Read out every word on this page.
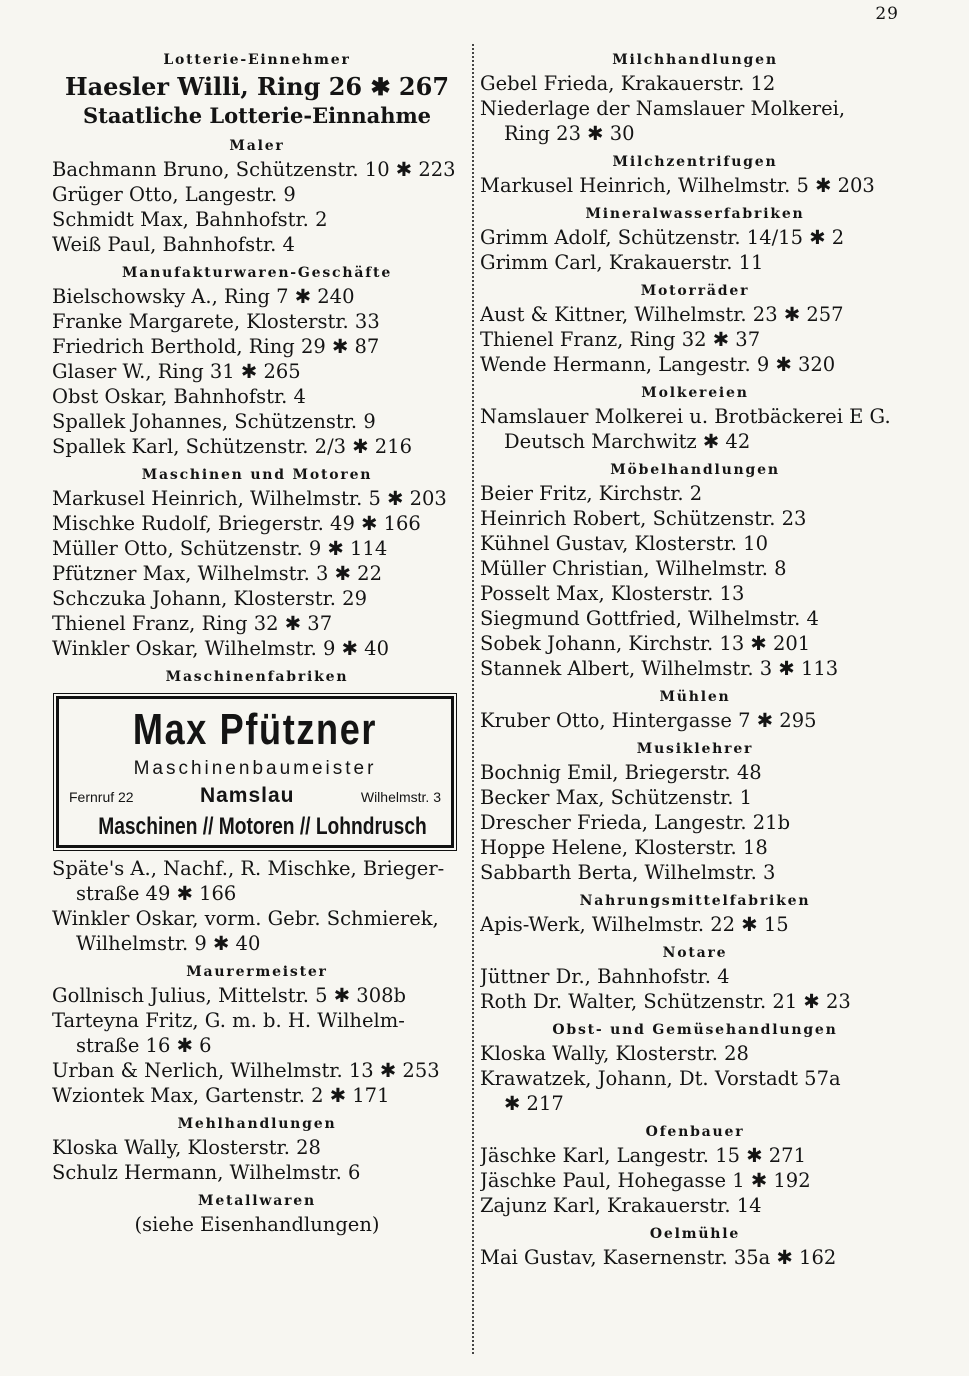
29
Lotterie-Einnehmer
Haesler Willi, Ring 26 ✱ 267
Staatliche Lotterie-Einnahme
Maler
Bachmann Bruno, Schützenstr. 10 ✱ 223
Grüger Otto, Langestr. 9
Schmidt Max, Bahnhofstr. 2
Weiß Paul, Bahnhofstr. 4
Manufakturwaren-Geschäfte
Bielschowsky A., Ring 7 ✱ 240
Franke Margarete, Klosterstr. 33
Friedrich Berthold, Ring 29 ✱ 87
Glaser W., Ring 31 ✱ 265
Obst Oskar, Bahnhofstr. 4
Spallek Johannes, Schützenstr. 9
Spallek Karl, Schützenstr. 2/3 ✱ 216
Maschinen und Motoren
Markusel Heinrich, Wilhelmstr. 5 ✱ 203
Mischke Rudolf, Briegerstr. 49 ✱ 166
Müller Otto, Schützenstr. 9 ✱ 114
Pfützner Max, Wilhelmstr. 3 ✱ 22
Schczuka Johann, Klosterstr. 29
Thienel Franz, Ring 32 ✱ 37
Winkler Oskar, Wilhelmstr. 9 ✱ 40
Maschinenfabriken
Max Pfützner
Maschinenbaumeister
Fernruf 22	Namslau	Wilhelmstr. 3
Maschinen // Motoren // Lohndrusch
Späte's A., Nachf., R. Mischke, Brieger-
straße 49 ✱ 166
Winkler Oskar, vorm. Gebr. Schmierek,
Wilhelmstr. 9 ✱ 40
Maurermeister
Gollnisch Julius, Mittelstr. 5 ✱ 308b
Tarteyna Fritz, G. m. b. H. Wilhelm-
straße 16 ✱ 6
Urban & Nerlich, Wilhelmstr. 13 ✱ 253
Wziontek Max, Gartenstr. 2 ✱ 171
Mehlhandlungen
Kloska Wally, Klosterstr. 28
Schulz Hermann, Wilhelmstr. 6
Metallwaren
(siehe Eisenhandlungen)
Milchhandlungen
Gebel Frieda, Krakauerstr. 12
Niederlage der Namslauer Molkerei,
Ring 23 ✱ 30
Milchzentrifugen
Markusel Heinrich, Wilhelmstr. 5 ✱ 203
Mineralwasserfabriken
Grimm Adolf, Schützenstr. 14/15 ✱ 2
Grimm Carl, Krakauerstr. 11
Motorräder
Aust & Kittner, Wilhelmstr. 23 ✱ 257
Thienel Franz, Ring 32 ✱ 37
Wende Hermann, Langestr. 9 ✱ 320
Molkereien
Namslauer Molkerei u. Brotbäckerei E G.
Deutsch Marchwitz ✱ 42
Möbelhandlungen
Beier Fritz, Kirchstr. 2
Heinrich Robert, Schützenstr. 23
Kühnel Gustav, Klosterstr. 10
Müller Christian, Wilhelmstr. 8
Posselt Max, Klosterstr. 13
Siegmund Gottfried, Wilhelmstr. 4
Sobek Johann, Kirchstr. 13 ✱ 201
Stannek Albert, Wilhelmstr. 3 ✱ 113
Mühlen
Kruber Otto, Hintergasse 7 ✱ 295
Musiklehrer
Bochnig Emil, Briegerstr. 48
Becker Max, Schützenstr. 1
Drescher Frieda, Langestr. 21b
Hoppe Helene, Klosterstr. 18
Sabbarth Berta, Wilhelmstr. 3
Nahrungsmittelfabriken
Apis-Werk, Wilhelmstr. 22 ✱ 15
Notare
Jüttner Dr., Bahnhofstr. 4
Roth Dr. Walter, Schützenstr. 21 ✱ 23
Obst- und Gemüsehandlungen
Kloska Wally, Klosterstr. 28
Krawatzek, Johann, Dt. Vorstadt 57a
✱ 217
Ofenbauer
Jäschke Karl, Langestr. 15 ✱ 271
Jäschke Paul, Hohegasse 1 ✱ 192
Zajunz Karl, Krakauerstr. 14
Oelmühle
Mai Gustav, Kasernenstr. 35a ✱ 162
